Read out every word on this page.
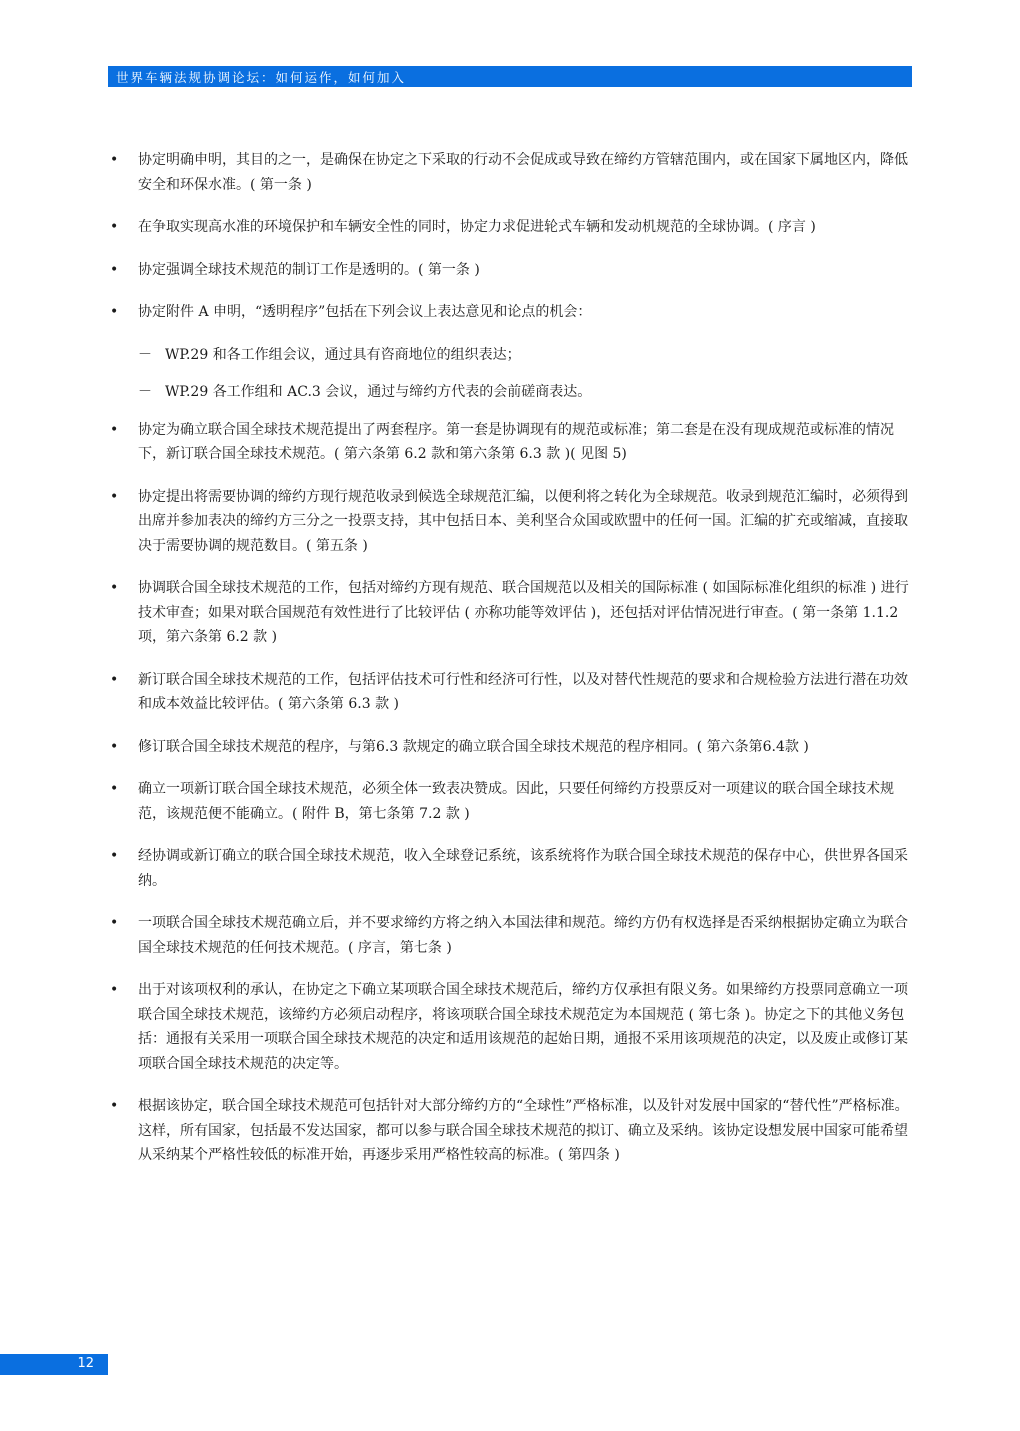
世界车辆法规协调论坛：如何运作，如何加入
• 协定明确申明，其目的之一，是确保在协定之下采取的行动不会促成或导致在缔约方管辖范围内，或在国家下属地区内，降低安全和环保水准。( 第一条 )
• 在争取实现高水准的环境保护和车辆安全性的同时，协定力求促进轮式车辆和发动机规范的全球协调。( 序言 )
• 协定强调全球技术规范的制订工作是透明的。( 第一条 )
• 协定附件 A 申明，“透明程序”包括在下列会议上表达意见和论点的机会：
－ WP.29 和各工作组会议，通过具有咨商地位的组织表达；
－ WP.29 各工作组和 AC.3 会议，通过与缔约方代表的会前磋商表达。
• 协定为确立联合国全球技术规范提出了两套程序。第一套是协调现有的规范或标准；第二套是在没有现成规范或标准的情况下，新订联合国全球技术规范。( 第六条第 6.2 款和第六条第 6.3 款 )( 见图 5)
• 协定提出将需要协调的缔约方现行规范收录到候选全球规范汇编，以便利将之转化为全球规范。收录到规范汇编时，必须得到出席并参加表决的缔约方三分之一投票支持，其中包括日本、美利坚合众国或欧盟中的任何一国。汇编的扩充或缩减，直接取决于需要协调的规范数目。( 第五条 )
• 协调联合国全球技术规范的工作，包括对缔约方现有规范、联合国规范以及相关的国际标准 ( 如国际标准化组织的标准 ) 进行技术审查；如果对联合国规范有效性进行了比较评估 ( 亦称功能等效评估 )，还包括对评估情况进行审查。( 第一条第 1.1.2 项，第六条第 6.2 款 )
• 新订联合国全球技术规范的工作，包括评估技术可行性和经济可行性，以及对替代性规范的要求和合规检验方法进行潜在功效和成本效益比较评估。( 第六条第 6.3 款 )
• 修订联合国全球技术规范的程序，与第6.3 款规定的确立联合国全球技术规范的程序相同。( 第六条第6.4款 )
• 确立一项新订联合国全球技术规范，必须全体一致表决赞成。因此，只要任何缔约方投票反对一项建议的联合国全球技术规范，该规范便不能确立。( 附件 B，第七条第 7.2 款 )
• 经协调或新订确立的联合国全球技术规范，收入全球登记系统，该系统将作为联合国全球技术规范的保存中心，供世界各国采纳。
• 一项联合国全球技术规范确立后，并不要求缔约方将之纳入本国法律和规范。缔约方仍有权选择是否采纳根据协定确立为联合国全球技术规范的任何技术规范。( 序言，第七条 )
• 出于对该项权利的承认，在协定之下确立某项联合国全球技术规范后，缔约方仅承担有限义务。如果缔约方投票同意确立一项联合国全球技术规范，该缔约方必须启动程序，将该项联合国全球技术规范定为本国规范 ( 第七条 )。协定之下的其他义务包括：通报有关采用一项联合国全球技术规范的决定和适用该规范的起始日期，通报不采用该项规范的决定，以及废止或修订某项联合国全球技术规范的决定等。
• 根据该协定，联合国全球技术规范可包括针对大部分缔约方的“全球性”严格标准，以及针对发展中国家的“替代性”严格标准。这样，所有国家，包括最不发达国家，都可以参与联合国全球技术规范的拟订、确立及采纳。该协定设想发展中国家可能希望从采纳某个严格性较低的标准开始，再逐步采用严格性较高的标准。( 第四条 )
12
